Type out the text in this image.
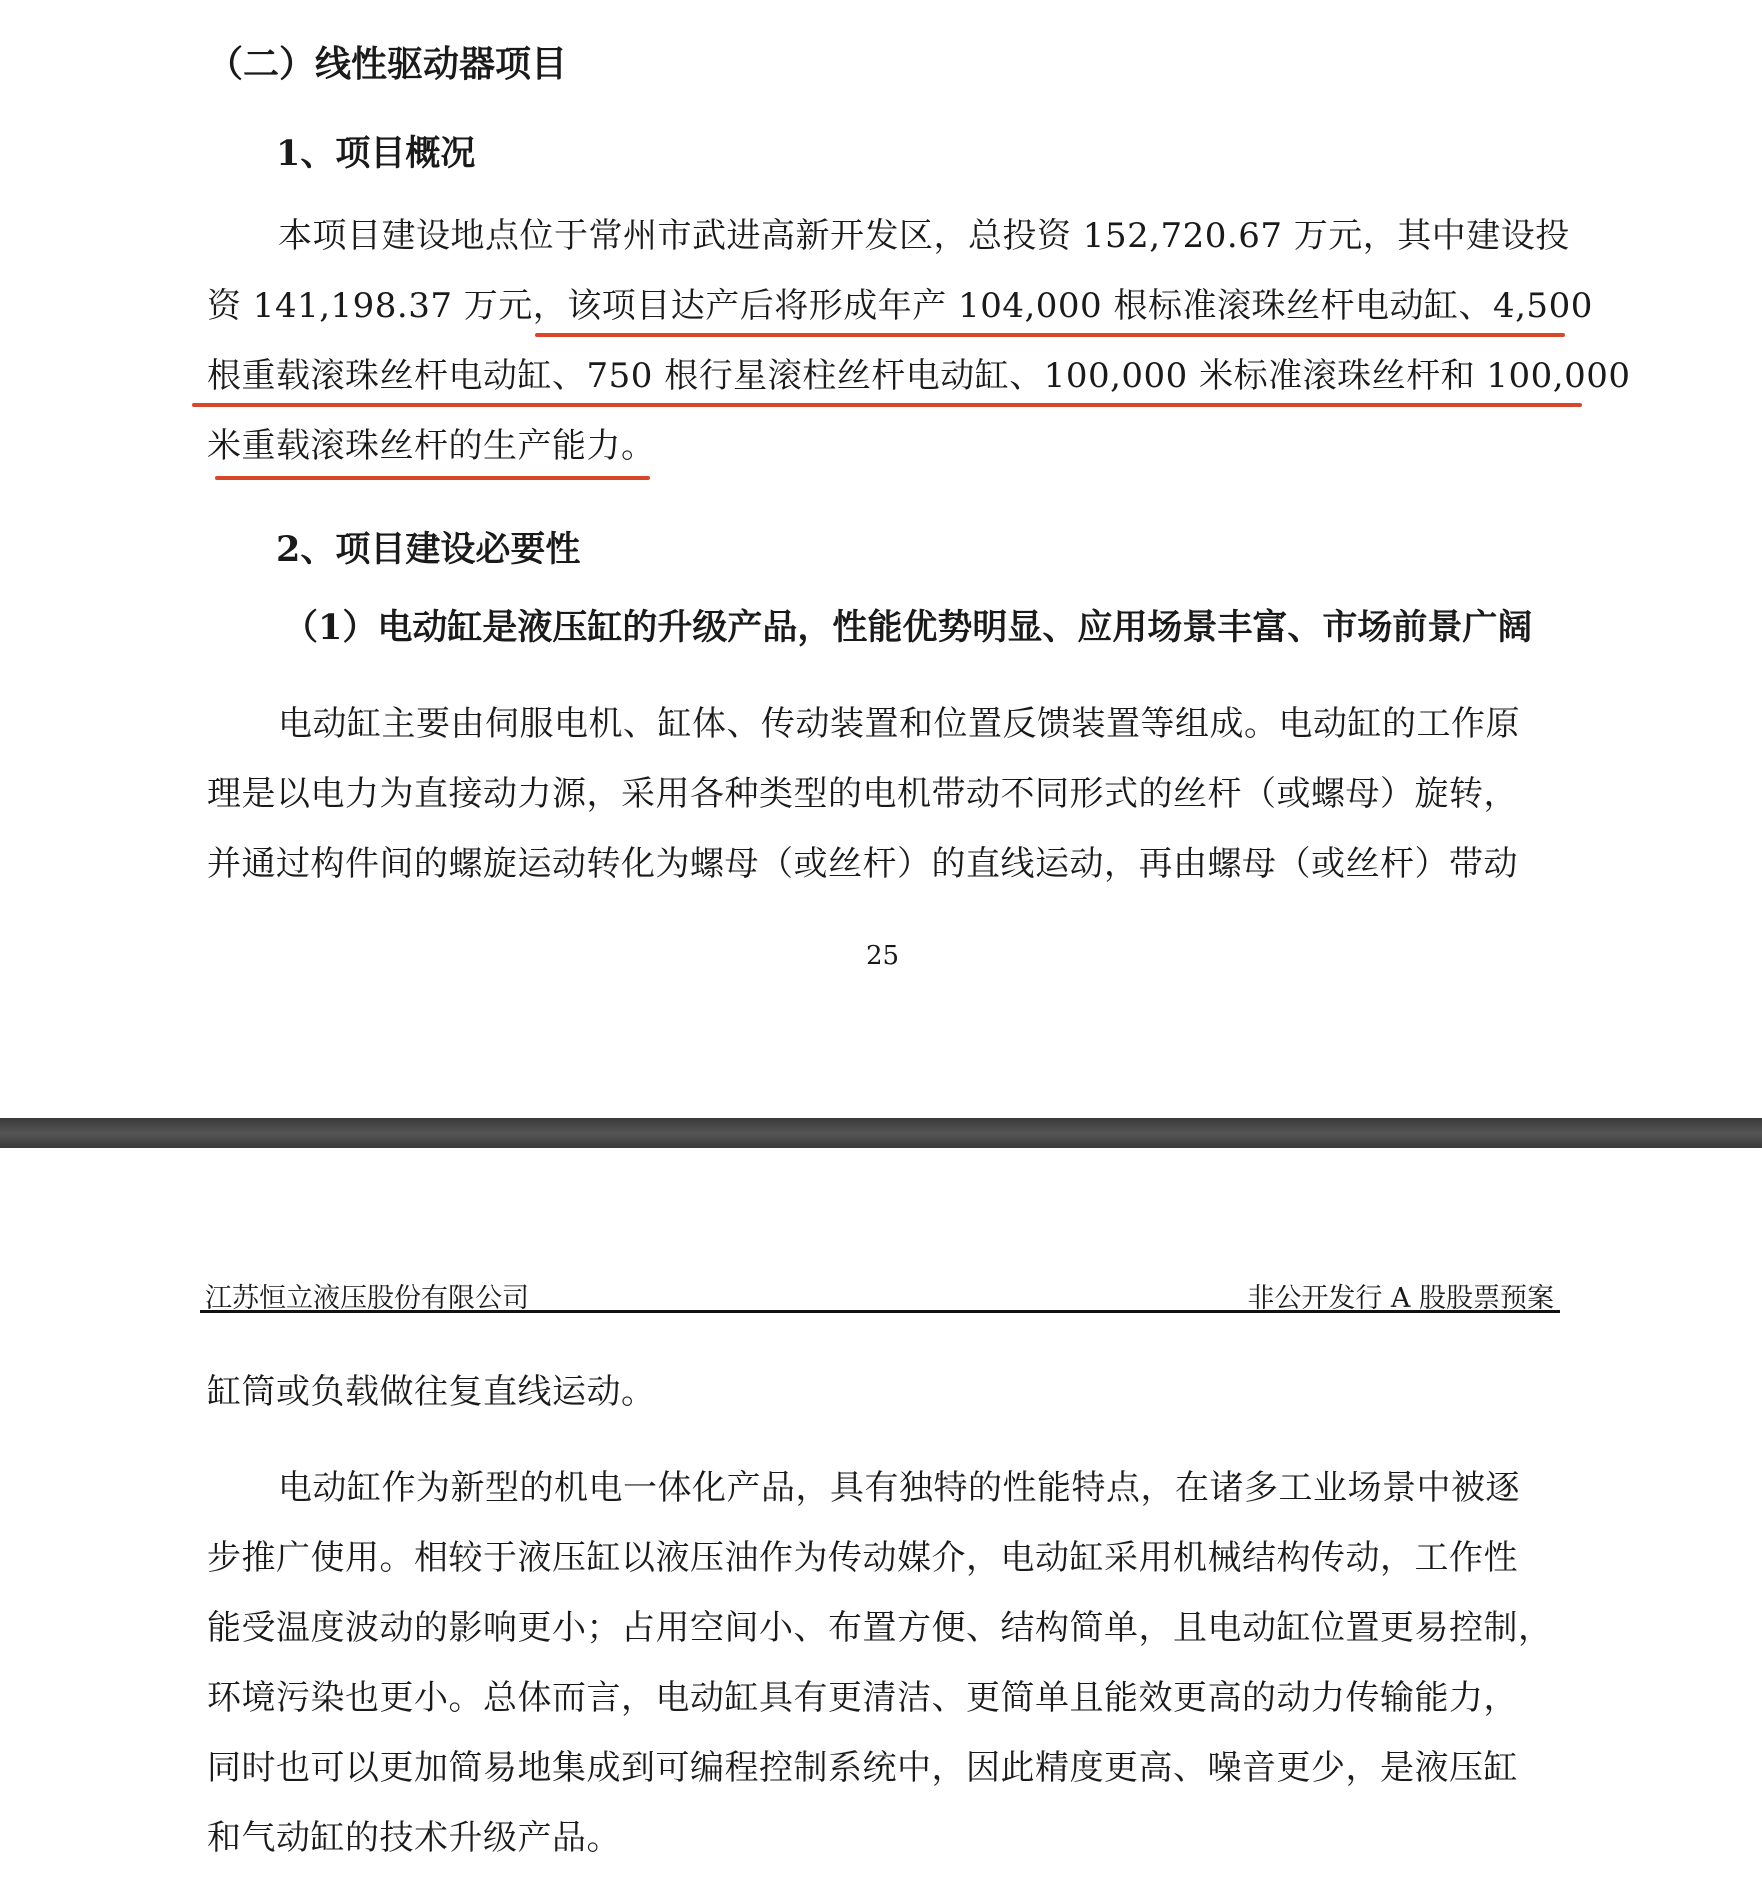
（二）线性驱动器项目
1、项目概况
本项目建设地点位于常州市武进高新开发区，总投资 152,720.67 万元，其中建设投
资 141,198.37 万元，该项目达产后将形成年产 104,000 根标准滚珠丝杆电动缸、4,500
根重载滚珠丝杆电动缸、750 根行星滚柱丝杆电动缸、100,000 米标准滚珠丝杆和 100,000
米重载滚珠丝杆的生产能力。
2、项目建设必要性
（1）电动缸是液压缸的升级产品，性能优势明显、应用场景丰富、市场前景广阔
电动缸主要由伺服电机、缸体、传动装置和位置反馈装置等组成。电动缸的工作原
理是以电力为直接动力源，采用各种类型的电机带动不同形式的丝杆（或螺母）旋转，
并通过构件间的螺旋运动转化为螺母（或丝杆）的直线运动，再由螺母（或丝杆）带动
25
江苏恒立液压股份有限公司	非公开发行 A 股股票预案
缸筒或负载做往复直线运动。
电动缸作为新型的机电一体化产品，具有独特的性能特点，在诸多工业场景中被逐
步推广使用。相较于液压缸以液压油作为传动媒介，电动缸采用机械结构传动，工作性
能受温度波动的影响更小；占用空间小、布置方便、结构简单，且电动缸位置更易控制，
环境污染也更小。总体而言，电动缸具有更清洁、更简单且能效更高的动力传输能力，
同时也可以更加简易地集成到可编程控制系统中，因此精度更高、噪音更少，是液压缸
和气动缸的技术升级产品。
